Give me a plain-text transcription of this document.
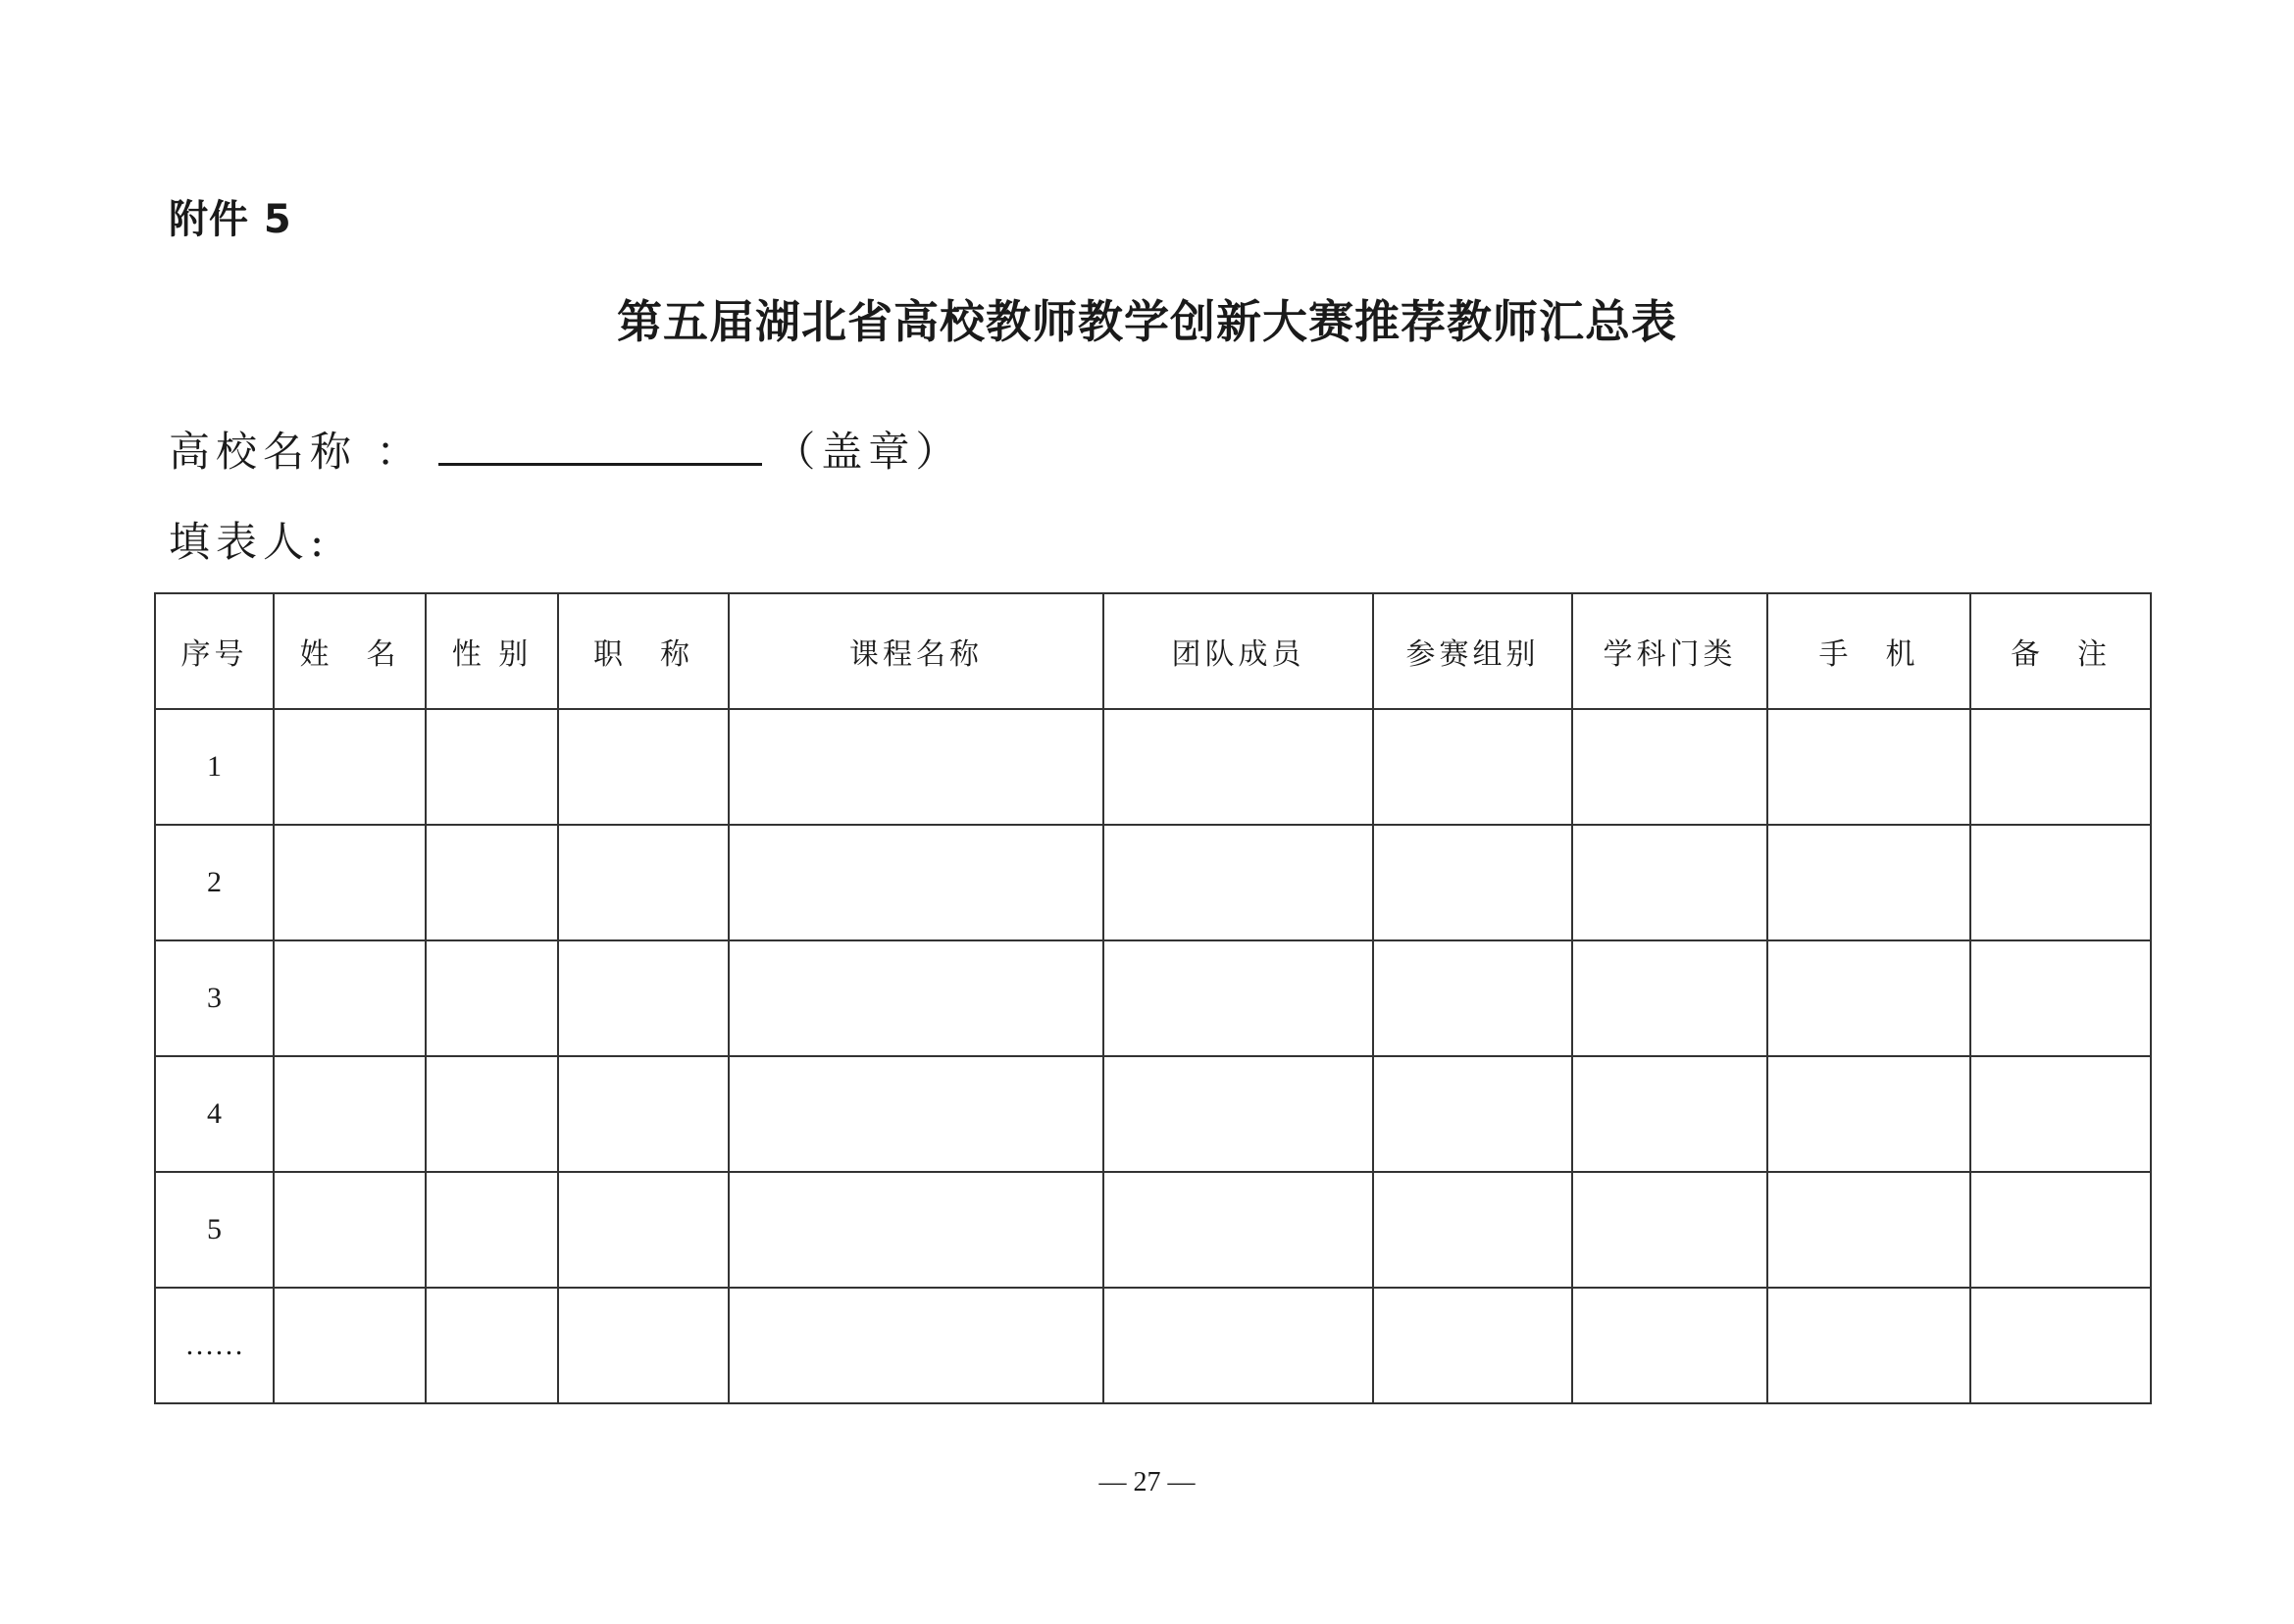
附件 5
第五届湖北省高校教师教学创新大赛推荐教师汇总表
高校名称 ：	（盖章）
填表人:
序号	姓　名	性 别	职　称	课程名称	团队成员	参赛组别	学科门类	手　机	备　注
1									
2									
3									
4									
5									
……									
— 27 —
